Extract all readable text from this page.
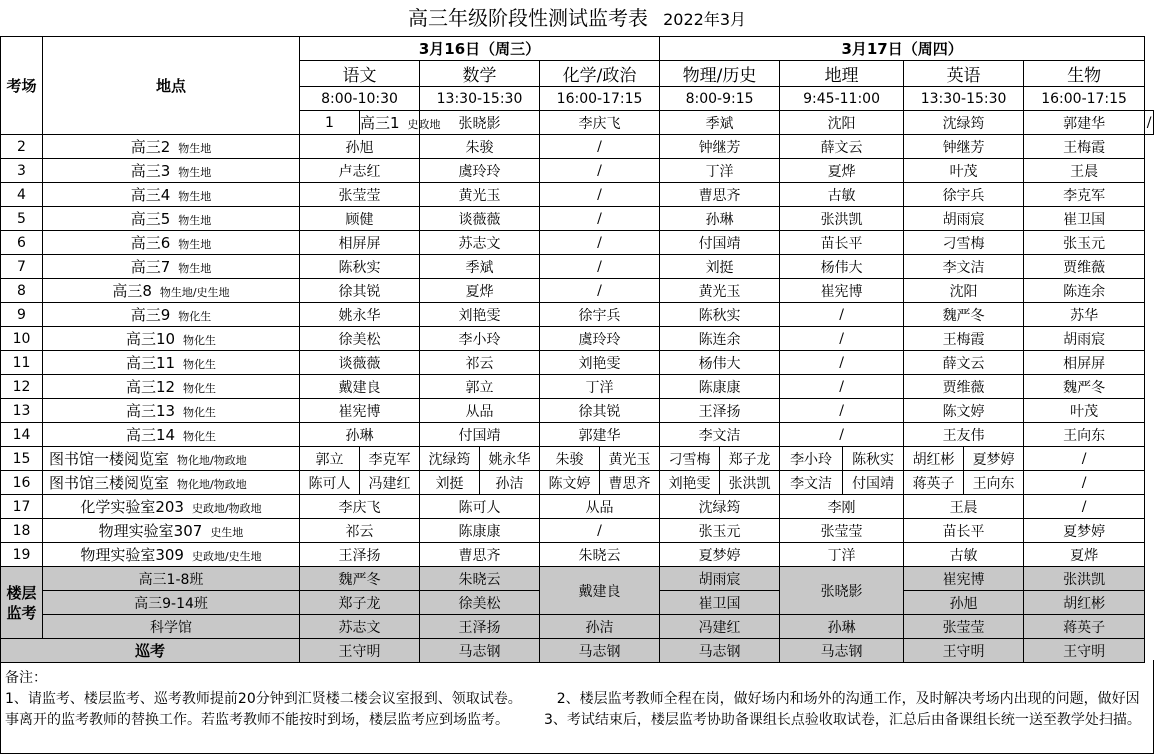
高三年级阶段性测试监考表 2022年3月
考场	地点	3月16日（周三）						3月17日（周四）							
		语文		数学		化学/政治		物理/历史		地理		英语		生物	
		8:00-10:30		13:30-15:30		16:00-17:15		8:00-9:15		9:45-11:00		13:30-15:30		16:00-17:15	
		1	高三1 史政地	张晓影		李庆飞		季斌		沈阳		沈绿筠		郭建华	/
2	高三2 物生地	孙旭		朱骏		/		钟继芳		薛文云		钟继芳		王梅霞	
3	高三3 物生地	卢志红		虞玲玲		/		丁洋		夏烨		叶茂		王晨	
4	高三4 物生地	张莹莹		黄光玉		/		曹思齐		古敏		徐宇兵		李克军	
5	高三5 物生地	顾健		谈薇薇		/		孙琳		张洪凯		胡雨宸		崔卫国	
6	高三6 物生地	相屏屏		苏志文		/		付国靖		苗长平		刁雪梅		张玉元	
7	高三7 物生地	陈秋实		季斌		/		刘挺		杨伟大		李文洁		贾维薇	
8	高三8 物生地/史生地	徐其锐		夏烨		/		黄光玉		崔宪博		沈阳		陈连余	
9	高三9 物化生	姚永华		刘艳雯		徐宇兵		陈秋实		/		魏严冬		苏华	
10	高三10 物化生	徐美松		李小玲		虞玲玲		陈连余		/		王梅霞		胡雨宸	
11	高三11 物化生	谈薇薇		祁云		刘艳雯		杨伟大		/		薛文云		相屏屏	
12	高三12 物化生	戴建良		郭立		丁洋		陈康康		/		贾维薇		魏严冬	
13	高三13 物化生	崔宪博		从品		徐其锐		王泽扬		/		陈文婷		叶茂	
14	高三14 物化生	孙琳		付国靖		郭建华		李文洁		/		王友伟		王向东	
15	图书馆一楼阅览室 物化地/物政地	郭立	李克军	沈绿筠	姚永华	朱骏	黄光玉	刁雪梅	郑子龙	李小玲	陈秋实	胡红彬	夏梦婷	/	
16	图书馆三楼阅览室 物化地/物政地	陈可人	冯建红	刘挺	孙洁	陈文婷	曹思齐	刘艳雯	张洪凯	李文洁	付国靖	蒋英子	王向东	/	
17	化学实验室203 史政地/物政地	李庆飞		陈可人		从品		沈绿筠		李刚		王晨		/	
18	物理实验室307 史生地	祁云		陈康康		/		张玉元		张莹莹		苗长平		夏梦婷	
19	物理实验室309 史政地/史生地	王泽扬		曹思齐		朱晓云		夏梦婷		丁洋		古敏		夏烨	
楼层监考	高三1-8班	魏严冬		朱晓云		戴建良		胡雨宸		张晓影		崔宪博		张洪凯	
	高三9-14班	郑子龙		徐美松				崔卫国				孙旭		胡红彬	
	科学馆	苏志文		王泽扬		孙洁		冯建红		孙琳		张莹莹		蒋英子	
巡考		王守明		马志钢		马志钢		马志钢		马志钢		王守明		王守明	
备注：
1、请监考、楼层监考、巡考教师提前20分钟到汇贤楼二楼会议室报到、领取试卷。　　　2、楼层监考教师全程在岗，做好场内和场外的沟通工作，及时解决考场内出现的问题，做好因事离开的监考教师的替换工作。若监考教师不能按时到场，楼层监考应到场监考。　　　3、考试结束后，楼层监考协助备课组长点验收取试卷，汇总后由备课组长统一送至教学处扫描。
